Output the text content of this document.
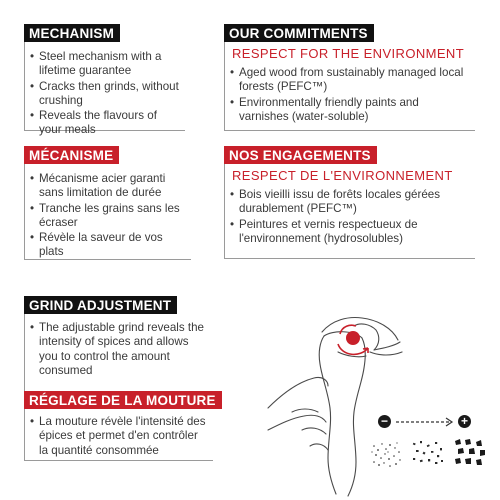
MECHANISM
• Steel mechanism with a lifetime guarantee
• Cracks then grinds, without crushing
• Reveals the flavours of your meals
OUR COMMITMENTS
RESPECT FOR THE ENVIRONMENT
• Aged wood from sustainably managed local forests (PEFC™)
• Environmentally friendly paints and varnishes (water-soluble)
MÉCANISME
• Mécanisme acier garanti sans limitation de durée
• Tranche les grains sans les écraser
• Révèle la saveur de vos plats
NOS ENGAGEMENTS
RESPECT DE L'ENVIRONNEMENT
• Bois vieilli issu de forêts locales gérées durablement (PEFC™)
• Peintures et vernis respectueux de l'environnement (hydrosolubles)
GRIND ADJUSTMENT
• The adjustable grind reveals the intensity of spices and allows you to control the amount consumed
RÉGLAGE DE LA MOUTURE
• La mouture révèle l'intensité des épices et permet d'en contrôler la quantité consommée
−	+
